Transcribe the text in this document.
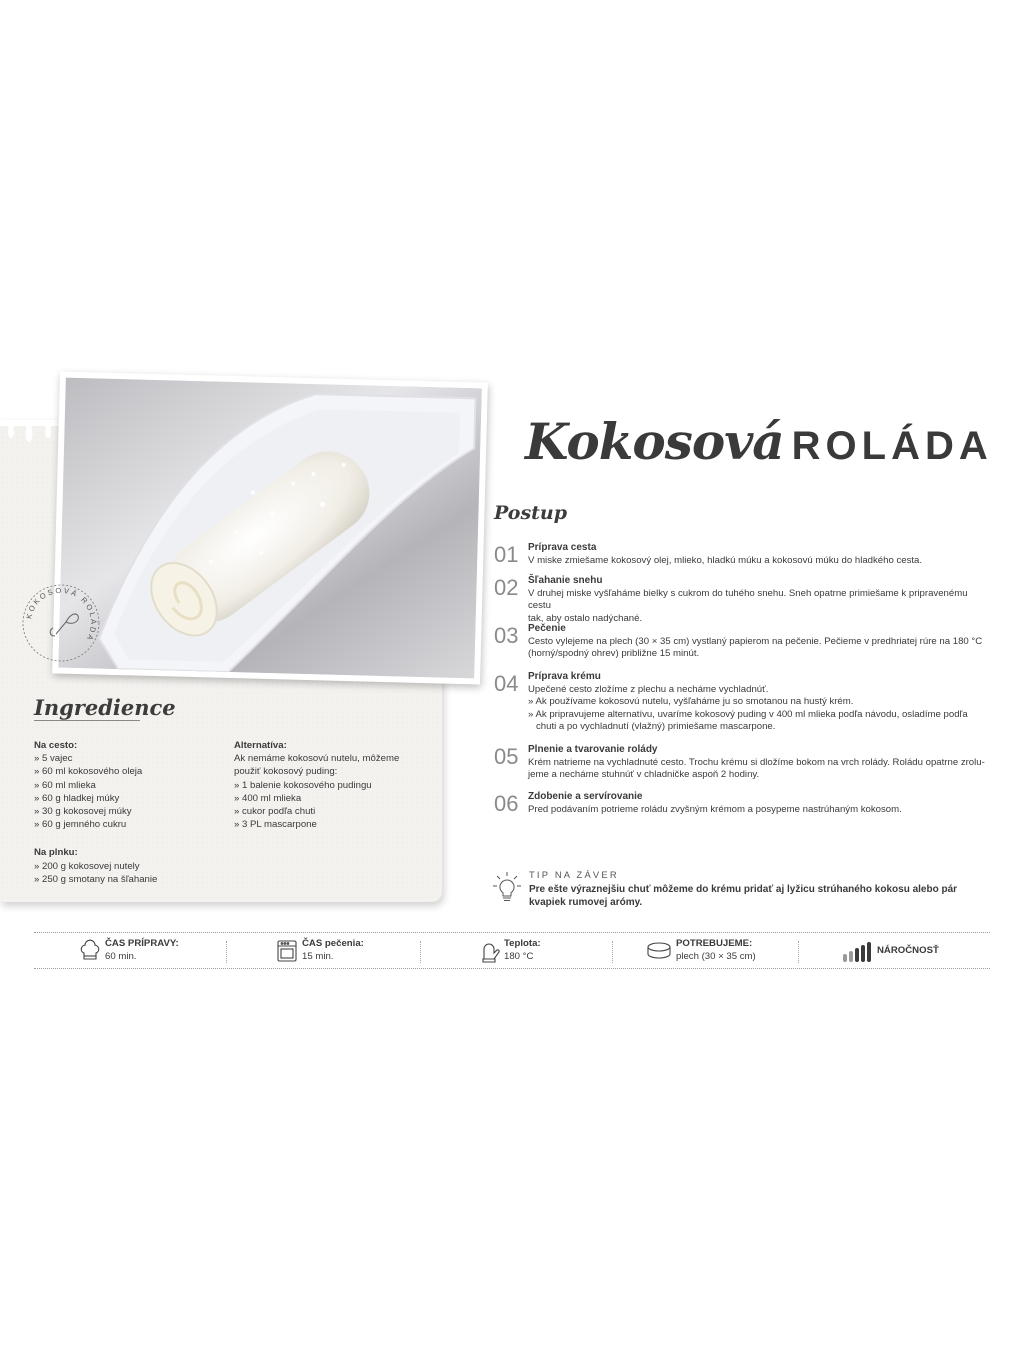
KOKOSOVÁ ROLÁDA
Ingredience
Na cesto:
» 5 vajec
» 60 ml kokosového oleja
» 60 ml mlieka
» 60 g hladkej múky
» 30 g kokosovej múky
» 60 g jemného cukru
Na plnku:
» 200 g kokosovej nutely
» 250 g smotany na šľahanie
Alternatíva:
Ak nemáme kokosovú nutelu, môžeme
použiť kokosový puding:
» 1 balenie kokosového pudingu
» 400 ml mlieka
» cukor podľa chuti
» 3 PL mascarpone
Kokosová ROLÁDA
Postup
01 Príprava cesta
V miske zmiešame kokosový olej, mlieko, hladkú múku a kokosovú múku do hladkého cesta.
02 Šľahanie snehu
V druhej miske vyšľaháme bielky s cukrom do tuhého snehu. Sneh opatrne primiešame k pripravenému cestu
tak, aby ostalo nadýchané.
03 Pečenie
Cesto vylejeme na plech (30 × 35 cm) vystlaný papierom na pečenie. Pečieme v predhriatej rúre na 180 °C
(horný/spodný ohrev) približne 15 minút.
04 Príprava krému
Upečené cesto zložíme z plechu a necháme vychladnúť.
» Ak používame kokosovú nutelu, vyšľaháme ju so smotanou na hustý krém.
» Ak pripravujeme alternatívu, uvaríme kokosový puding v 400 ml mlieka podľa návodu, osladíme podľa
chuti a po vychladnutí (vlažný) primiešame mascarpone.
05 Plnenie a tvarovanie rolády
Krém natrieme na vychladnuté cesto. Trochu krému si dložíme bokom na vrch rolády. Roládu opatrne zrolu-
jeme a necháme stuhnúť v chladničke aspoň 2 hodiny.
06 Zdobenie a servírovanie
Pred podávaním potrieme roládu zvyšným krémom a posypeme nastrúhaným kokosom.
TIP NA ZÁVER
Pre ešte výraznejšiu chuť môžeme do krému pridať aj lyžicu strúhaného kokosu alebo pár kvapiek rumovej arómy.
ČAS PRÍPRAVY:
60 min.
ČAS pečenia:
15 min.
Teplota:
180 °C
POTREBUJEME:
plech (30 × 35 cm)
NÁROČNOSŤ
